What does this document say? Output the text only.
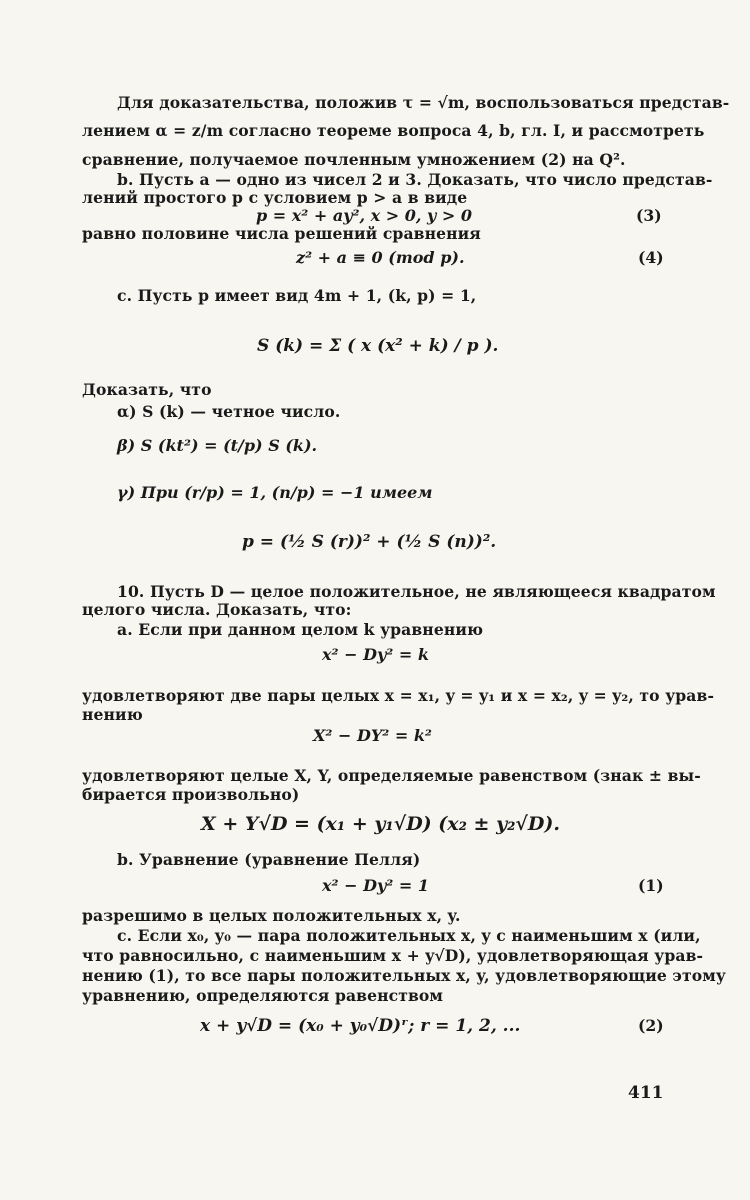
Для доказательства, положив τ = √m, воспользоваться представ-
лением α = z/m согласно теореме вопроса 4, b, гл. I, и рассмотреть
сравнение, получаемое почленным умножением (2) на Q².
b. Пусть a — одно из чисел 2 и 3. Доказать, что число представ-
лений простого p с условием p > a в виде
p = x² + ay², x > 0, y > 0	(3)
равно половине числа решений сравнения
z² + a ≡ 0 (mod p).	(4)
c. Пусть p имеет вид 4m + 1, (k, p) = 1,
S (k) = Σ ( x (x² + k) / p ).
Доказать, что
α) S (k) — четное число.
β) S (kt²) = (t/p) S (k).
γ) При (r/p) = 1, (n/p) = −1 имеем
p = (½ S (r))² + (½ S (n))².
10. Пусть D — целое положительное, не являющееся квадратом
целого числа. Доказать, что:
a. Если при данном целом k уравнению
x² − Dy² = k
удовлетворяют две пары целых x = x₁, y = y₁ и x = x₂, y = y₂, то урав-
нению
X² − DY² = k²
удовлетворяют целые X, Y, определяемые равенством (знак ± вы-
бирается произвольно)
X + Y√D = (x₁ + y₁√D) (x₂ ± y₂√D).
b. Уравнение (уравнение Пелля)
x² − Dy² = 1	(1)
разрешимо в целых положительных x, y.
c. Если x₀, y₀ — пара положительных x, y с наименьшим x (или,
что равносильно, с наименьшим x + y√D), удовлетворяющая урав-
нению (1), то все пары положительных x, y, удовлетворяющие этому
уравнению, определяются равенством
x + y√D = (x₀ + y₀√D)ʳ; r = 1, 2, ...	(2)
411
